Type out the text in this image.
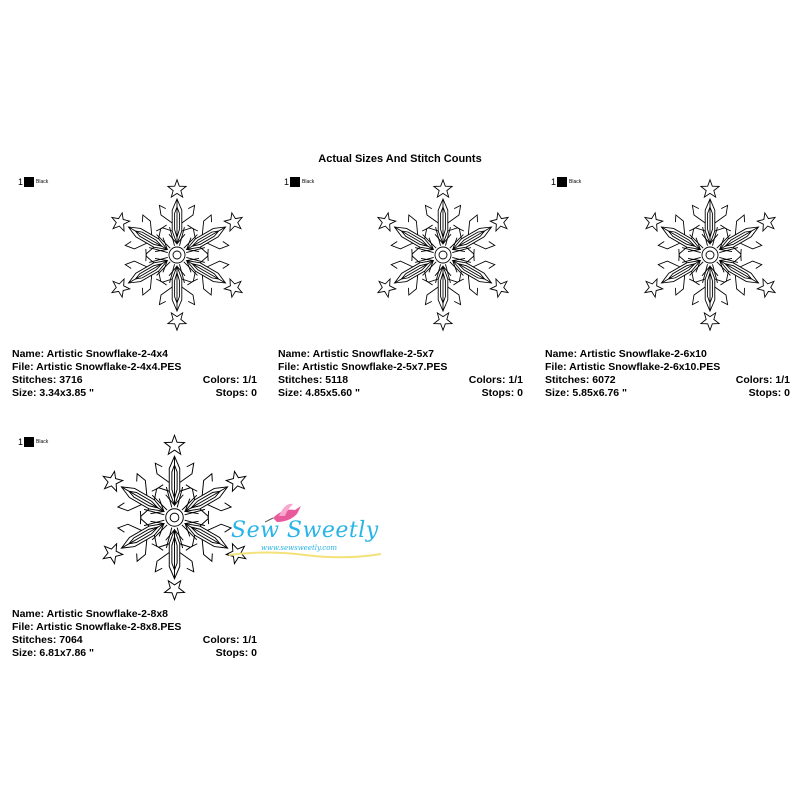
Actual Sizes And Stitch Counts
1	Black
Name: Artistic Snowflake-2-4x4
File: Artistic Snowflake-2-4x4.PES
Stitches: 3716	Colors: 1/1
Size: 3.34x3.85 "	Stops: 0
1	Black
Name: Artistic Snowflake-2-5x7
File: Artistic Snowflake-2-5x7.PES
Stitches: 5118	Colors: 1/1
Size: 4.85x5.60 "	Stops: 0
1	Black
Name: Artistic Snowflake-2-6x10
File: Artistic Snowflake-2-6x10.PES
Stitches: 6072	Colors: 1/1
Size: 5.85x6.76 "	Stops: 0
1	Black
Name: Artistic Snowflake-2-8x8
File: Artistic Snowflake-2-8x8.PES
Stitches: 7064	Colors: 1/1
Size: 6.81x7.86 "	Stops: 0
Sew Sweetly
www.sewsweetly.com
